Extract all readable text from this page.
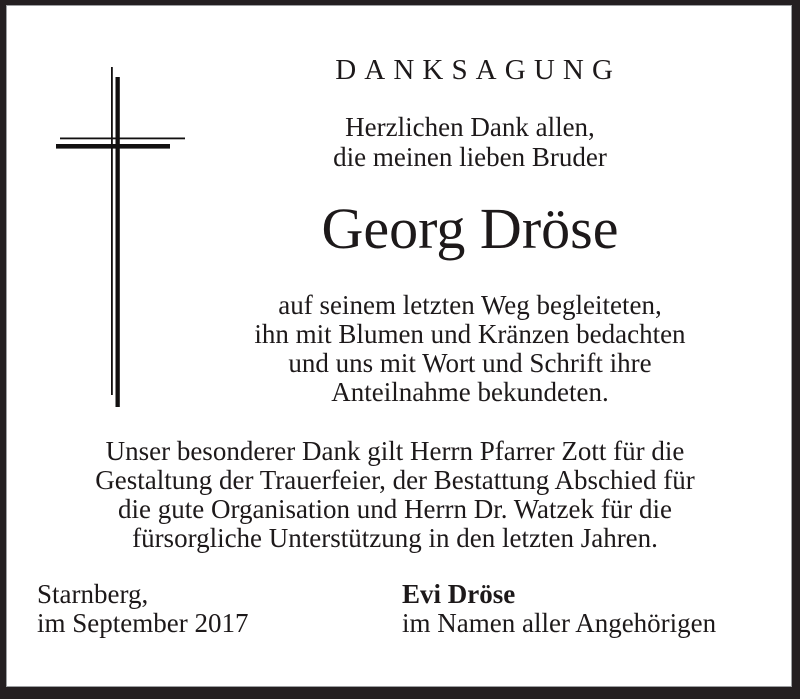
DANKSAGUNG
Herzlichen Dank allen,
die meinen lieben Bruder
Georg Dröse
auf seinem letzten Weg begleiteten,
ihn mit Blumen und Kränzen bedachten
und uns mit Wort und Schrift ihre
Anteilnahme bekundeten.
Unser besonderer Dank gilt Herrn Pfarrer Zott für die
Gestaltung der Trauerfeier, der Bestattung Abschied für
die gute Organisation und Herrn Dr. Watzek für die
fürsorgliche Unterstützung in den letzten Jahren.
Starnberg,
im September 2017
Evi Dröse
im Namen aller Angehörigen
